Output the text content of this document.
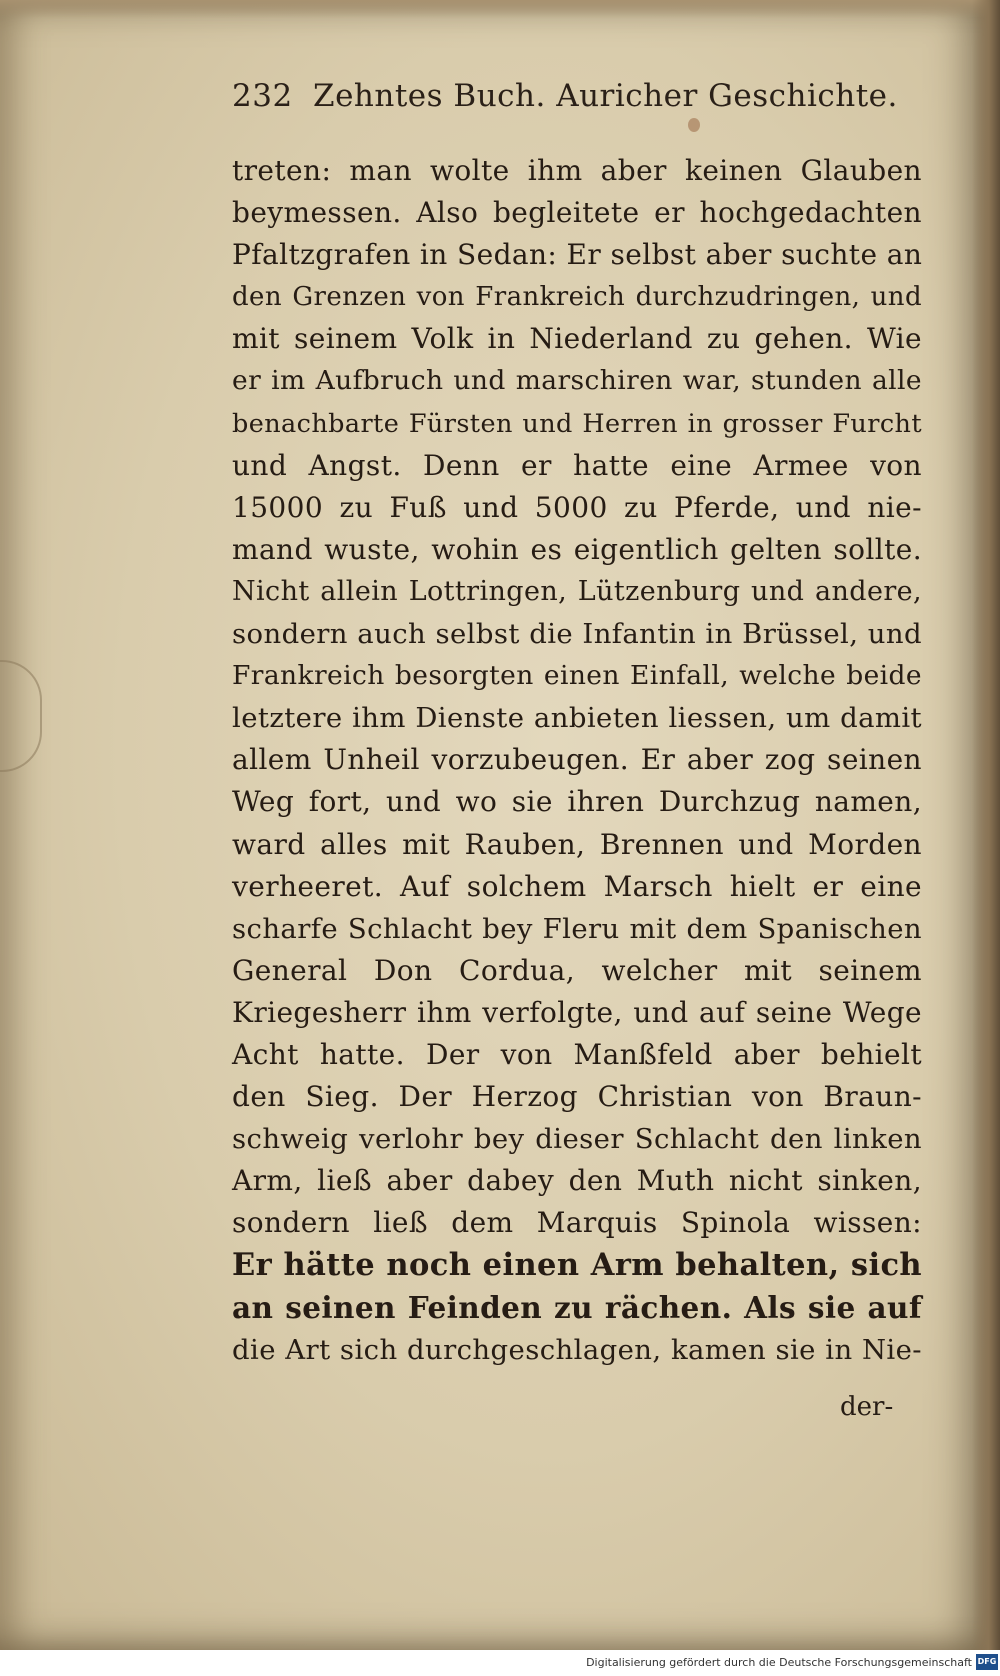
232 Zehntes Buch. Auricher Geschichte.
treten: man wolte ihm aber keinen Glauben
beymessen. Also begleitete er hochgedachten
Pfaltzgrafen in Sedan: Er selbst aber suchte an
den Grenzen von Frankreich durchzudringen, und
mit seinem Volk in Niederland zu gehen. Wie
er im Aufbruch und marschiren war, stunden alle
benachbarte Fürsten und Herren in grosser Furcht
und Angst. Denn er hatte eine Armee von
15000 zu Fuß und 5000 zu Pferde, und nie-
mand wuste, wohin es eigentlich gelten sollte.
Nicht allein Lottringen, Lützenburg und andere,
sondern auch selbst die Infantin in Brüssel, und
Frankreich besorgten einen Einfall, welche beide
letztere ihm Dienste anbieten liessen, um damit
allem Unheil vorzubeugen. Er aber zog seinen
Weg fort, und wo sie ihren Durchzug namen,
ward alles mit Rauben, Brennen und Morden
verheeret. Auf solchem Marsch hielt er eine
scharfe Schlacht bey Fleru mit dem Spanischen
General Don Cordua, welcher mit seinem
Kriegesherr ihm verfolgte, und auf seine Wege
Acht hatte. Der von Manßfeld aber behielt
den Sieg. Der Herzog Christian von Braun-
schweig verlohr bey dieser Schlacht den linken
Arm, ließ aber dabey den Muth nicht sinken,
sondern ließ dem Marquis Spinola wissen:
Er hätte noch einen Arm behalten, sich
an seinen Feinden zu rächen. Als sie auf
die Art sich durchgeschlagen, kamen sie in Nie-
der-
Digitalisierung gefördert durch die Deutsche Forschungsgemeinschaft DFG
